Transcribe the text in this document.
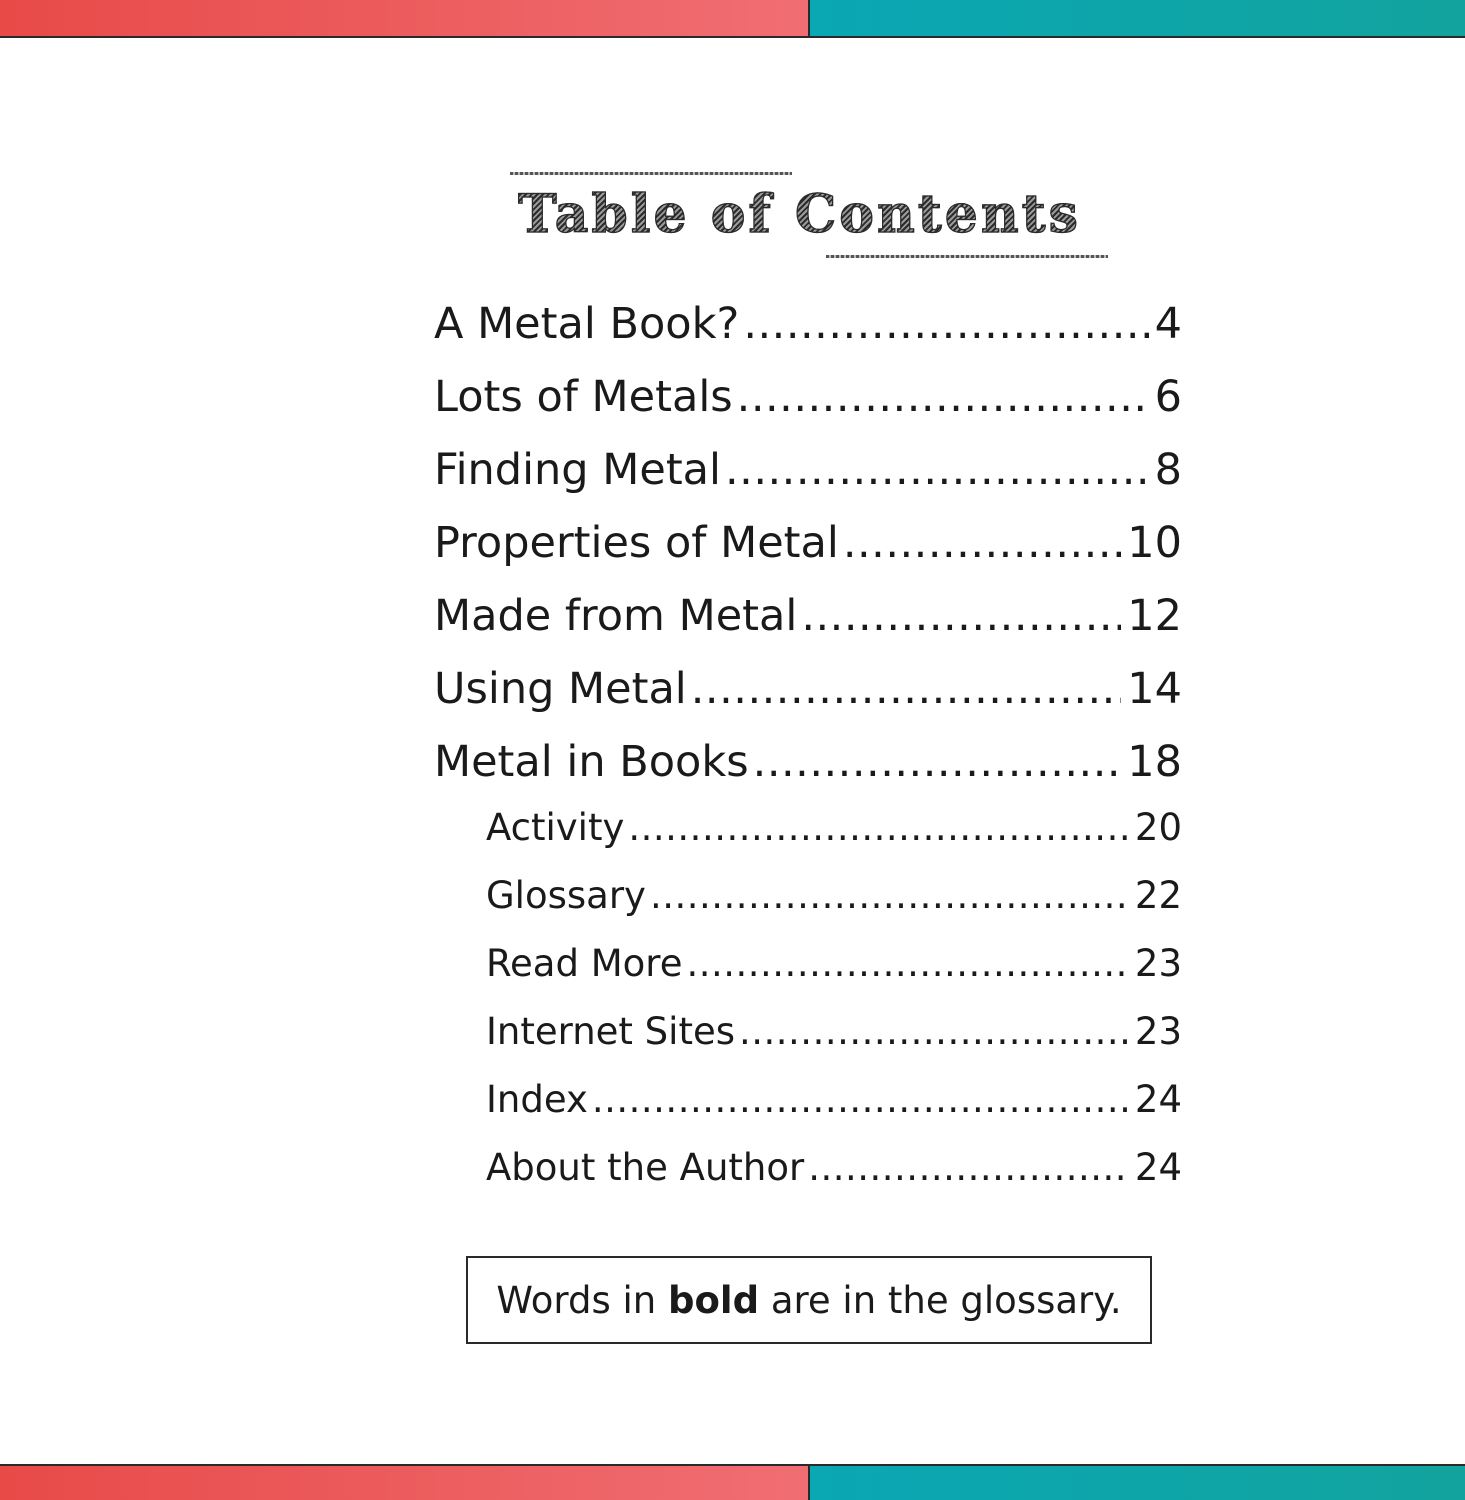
Table of Contents
A Metal Book? .....	4
Lots of Metals .....	6
Finding Metal .....	8
Properties of Metal .....	10
Made from Metal .....	12
Using Metal .....	14
Metal in Books .....	18
Activity .....	20
Glossary .....	22
Read More .....	23
Internet Sites .....	23
Index .....	24
About the Author .....	24
Words in bold are in the glossary.
